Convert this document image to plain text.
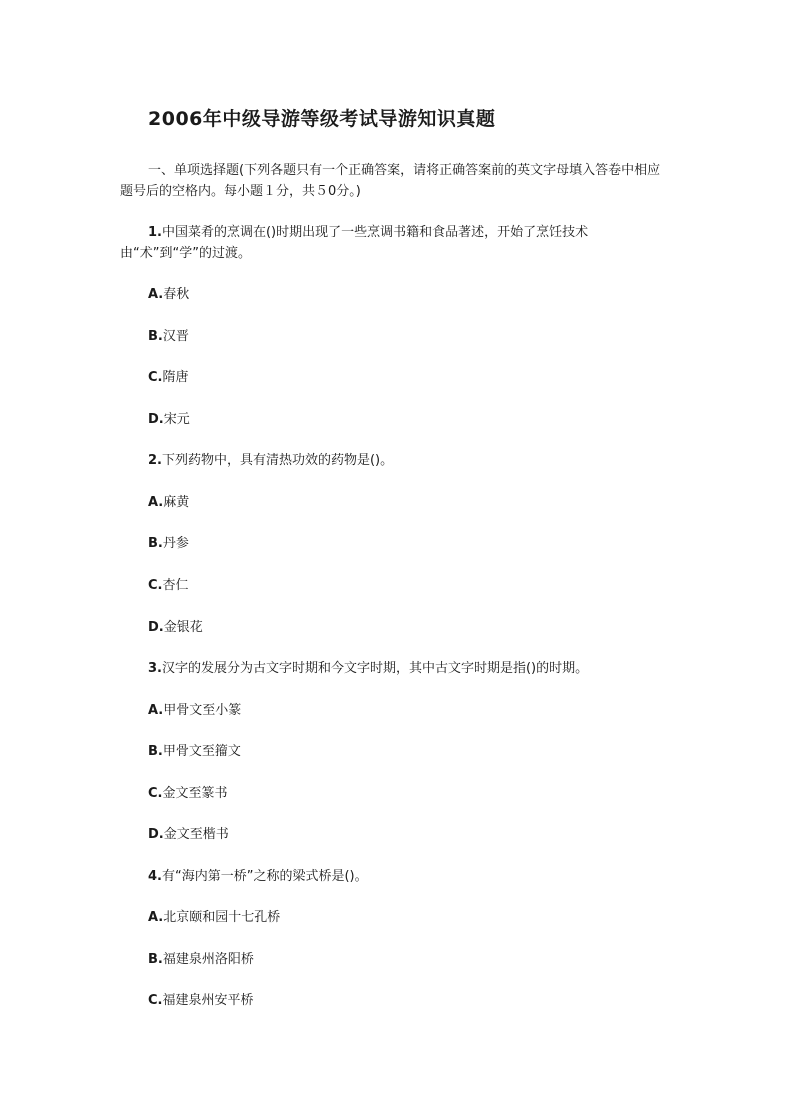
2006年中级导游等级考试导游知识真题
一、单项选择题(下列各题只有一个正确答案，请将正确答案前的英文字母填入答卷中相应题号后的空格内。每小题１分，共５0分。)
1.中国菜肴的烹调在()时期出现了一些烹调书籍和食品著述，开始了烹饪技术由“术”到“学”的过渡。
A.春秋
B.汉晋
C.隋唐
D.宋元
2.下列药物中，具有清热功效的药物是()。
A.麻黄
B.丹参
C.杏仁
D.金银花
3.汉字的发展分为古文字时期和今文字时期，其中古文字时期是指()的时期。
A.甲骨文至小篆
B.甲骨文至籀文
C.金文至篆书
D.金文至楷书
4.有“海内第一桥”之称的梁式桥是()。
A.北京颐和园十七孔桥
B.福建泉州洛阳桥
C.福建泉州安平桥
